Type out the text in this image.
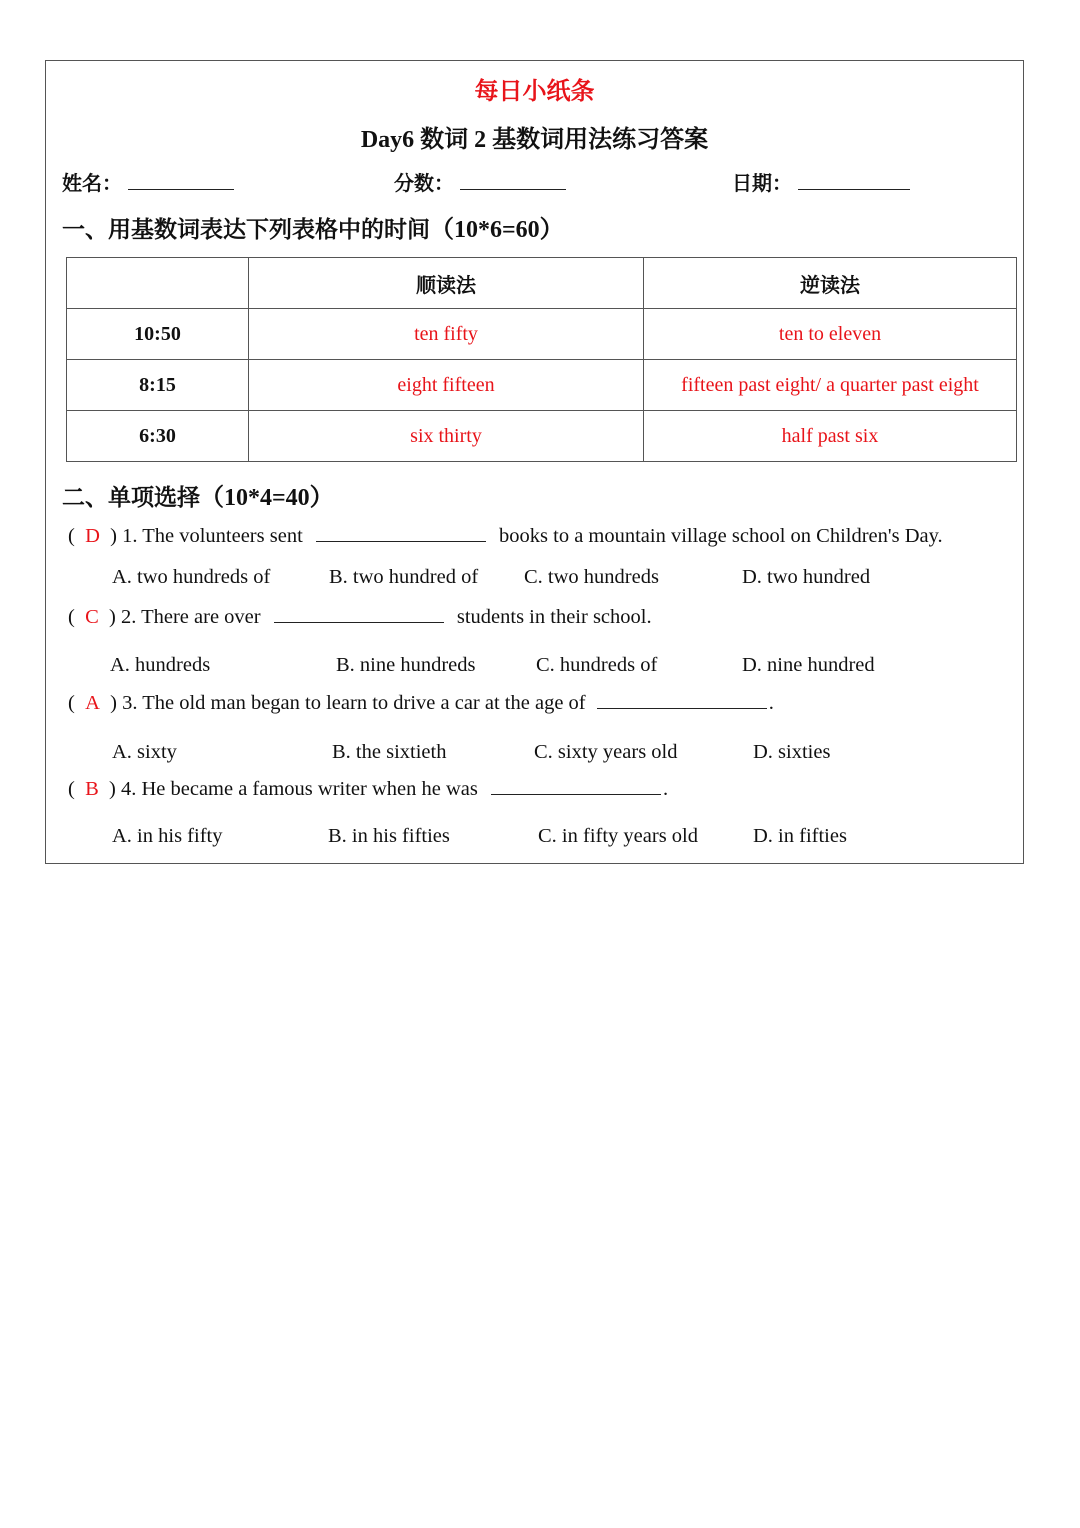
每日小纸条
Day6 数词 2 基数词用法练习答案
姓名：	分数：	日期：
一、用基数词表达下列表格中的时间（10*6=60）
	顺读法	逆读法
10:50	ten fifty	ten to eleven
8:15	eight fifteen	fifteen past eight/ a quarter past eight
6:30	six thirty	half past six
二、单项选择（10*4=40）
(  D  ) 1. The volunteers sent	books to a mountain village school on Children's Day.
A. two hundreds of	B. two hundred of C. two hundreds	D. two hundred
(  C  ) 2. There are over	students in their school.
A. hundreds	B. nine hundreds	C. hundreds of	D. nine hundred
(  A  ) 3. The old man began to learn to drive a car at the age of	.
A. sixty	B. the sixtieth	C. sixty years old	D. sixties
(  B  ) 4. He became a famous writer when he was	.
A. in his fifty	B. in his fifties	C. in fifty years old	D. in fifties
